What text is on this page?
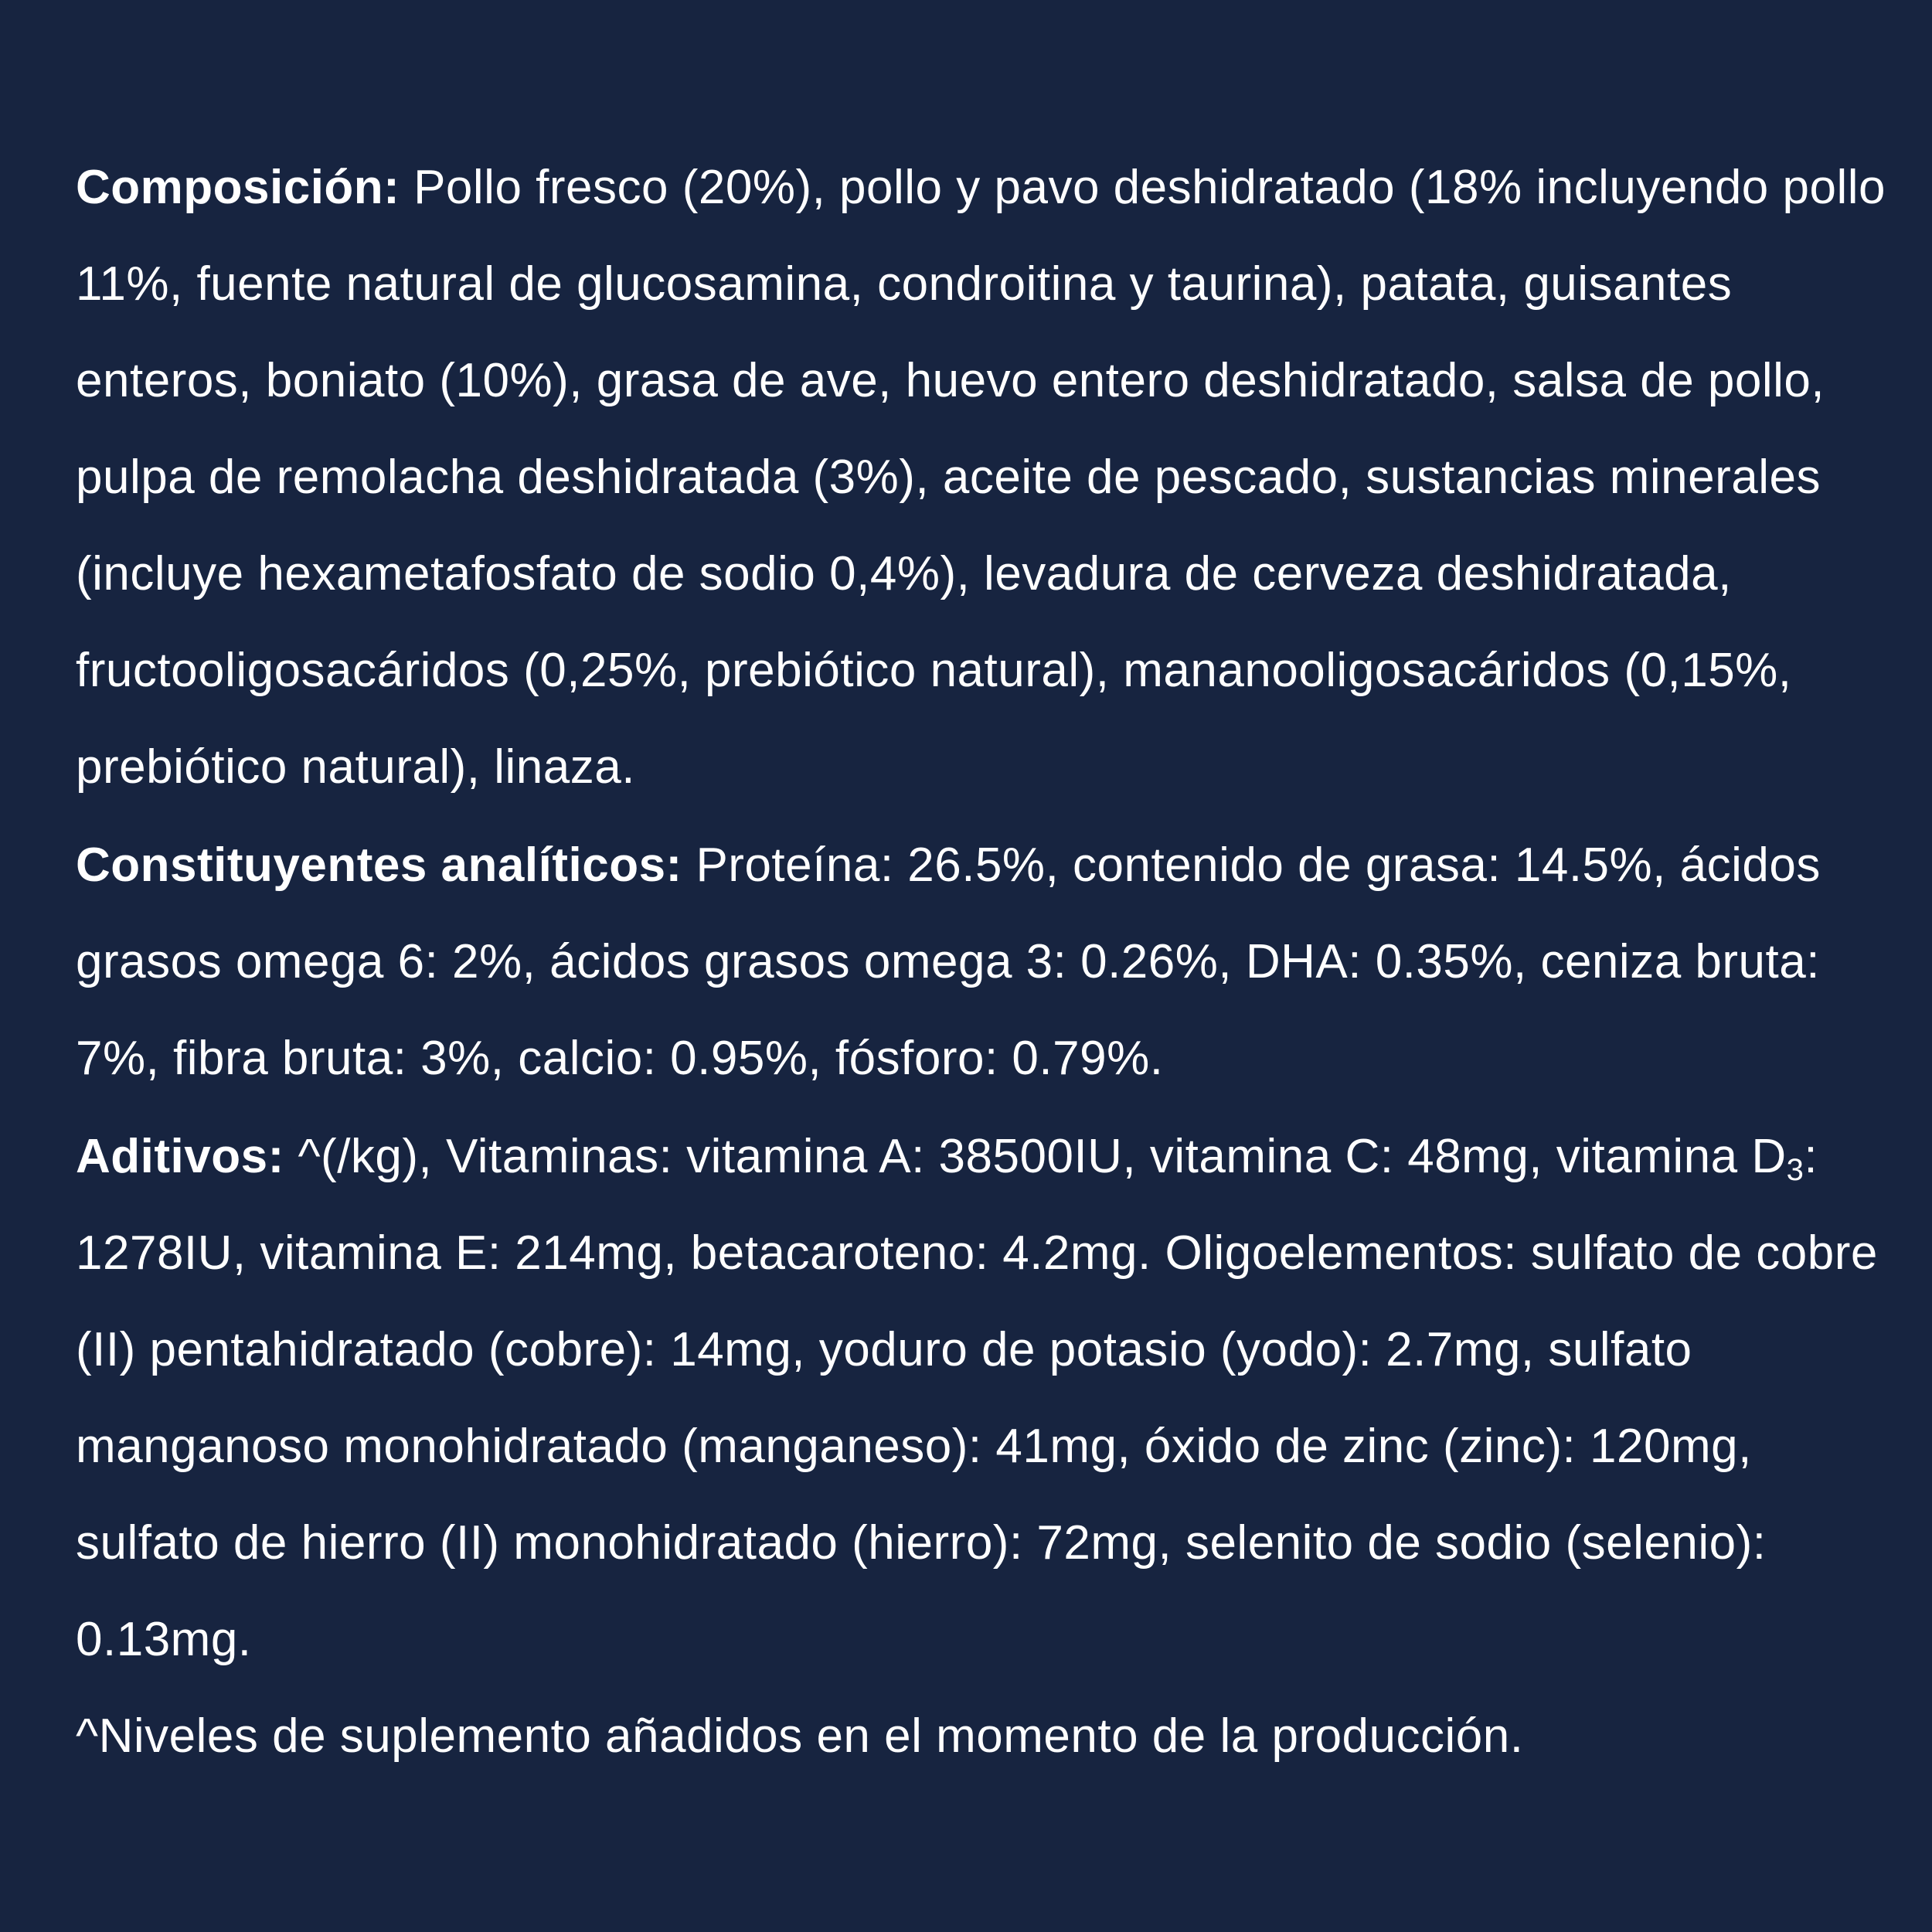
Composición: Pollo fresco (20%), pollo y pavo deshidratado (18% incluyendo pollo 11%, fuente natural de glucosamina, condroitina y taurina), patata, guisantes enteros, boniato (10%), grasa de ave, huevo entero deshidratado, salsa de pollo, pulpa de remolacha deshidratada (3%), aceite de pescado, sustancias minerales (incluye hexametafosfato de sodio 0,4%), levadura de cerveza deshidratada, fructooligosacáridos (0,25%, prebiótico natural), mananooligosacáridos (0,15%, prebiótico natural), linaza.

Constituyentes analíticos: Proteína: 26.5%, contenido de grasa: 14.5%, ácidos grasos omega 6: 2%, ácidos grasos omega 3: 0.26%, DHA: 0.35%, ceniza bruta: 7%, fibra bruta: 3%, calcio: 0.95%, fósforo: 0.79%.

Aditivos: ^(/kg), Vitaminas: vitamina A: 38500IU, vitamina C: 48mg, vitamina $D_3$: 1278IU, vitamina E: 214mg, betacaroteno: 4.2mg. Oligoelementos: sulfato de cobre (II) pentahidratado (cobre): 14mg, yoduro de potasio (yodo): 2.7mg, sulfato manganoso monohidratado (manganeso): 41mg, óxido de zinc (zinc): 120mg, sulfato de hierro (II) monohidratado (hierro): 72mg, selenito de sodio (selenio): 0.13mg.
^Niveles de suplemento añadidos en el momento de la producción.
